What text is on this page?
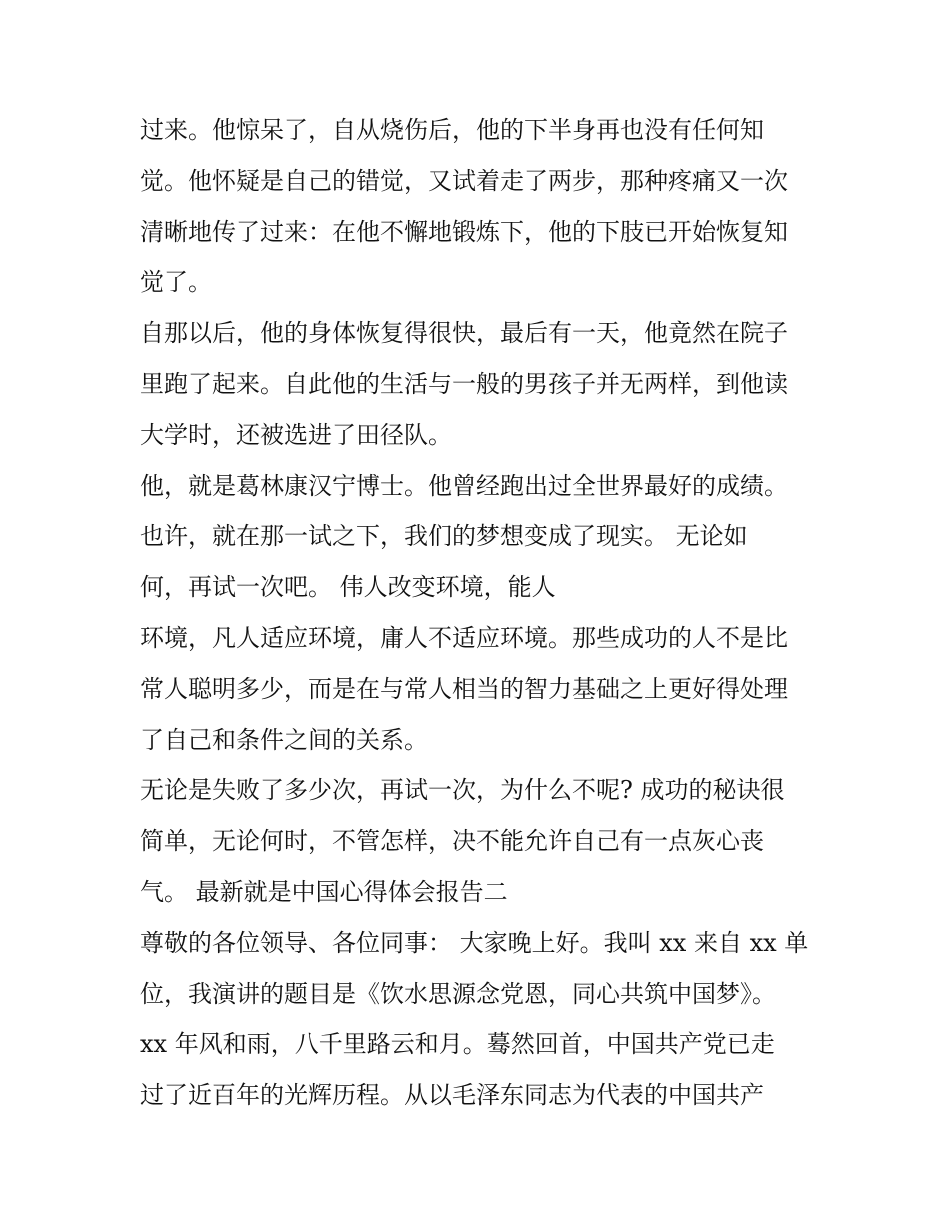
过来。他惊呆了，自从烧伤后，他的下半身再也没有任何知
觉。他怀疑是自己的错觉，又试着走了两步，那种疼痛又一次
清晰地传了过来：在他不懈地锻炼下，他的下肢已开始恢复知
觉了。
自那以后，他的身体恢复得很快，最后有一天，他竟然在院子
里跑了起来。自此他的生活与一般的男孩子并无两样，到他读
大学时，还被选进了田径队。
他，就是葛林康汉宁博士。他曾经跑出过全世界最好的成绩。
也许，就在那一试之下，我们的梦想变成了现实。 无论如
何，再试一次吧。 伟人改变环境，能人
环境，凡人适应环境，庸人不适应环境。那些成功的人不是比
常人聪明多少，而是在与常人相当的智力基础之上更好得处理
了自己和条件之间的关系。
无论是失败了多少次，再试一次，为什么不呢? 成功的秘诀很
简单，无论何时，不管怎样，决不能允许自己有一点灰心丧
气。 最新就是中国心得体会报告二
尊敬的各位领导、各位同事： 大家晚上好。我叫 xx 来自 xx 单
位，我演讲的题目是《饮水思源念党恩，同心共筑中国梦》。
xx 年风和雨，八千里路云和月。蓦然回首，中国共产党已走
过了近百年的光辉历程。从以毛泽东同志为代表的中国共产
